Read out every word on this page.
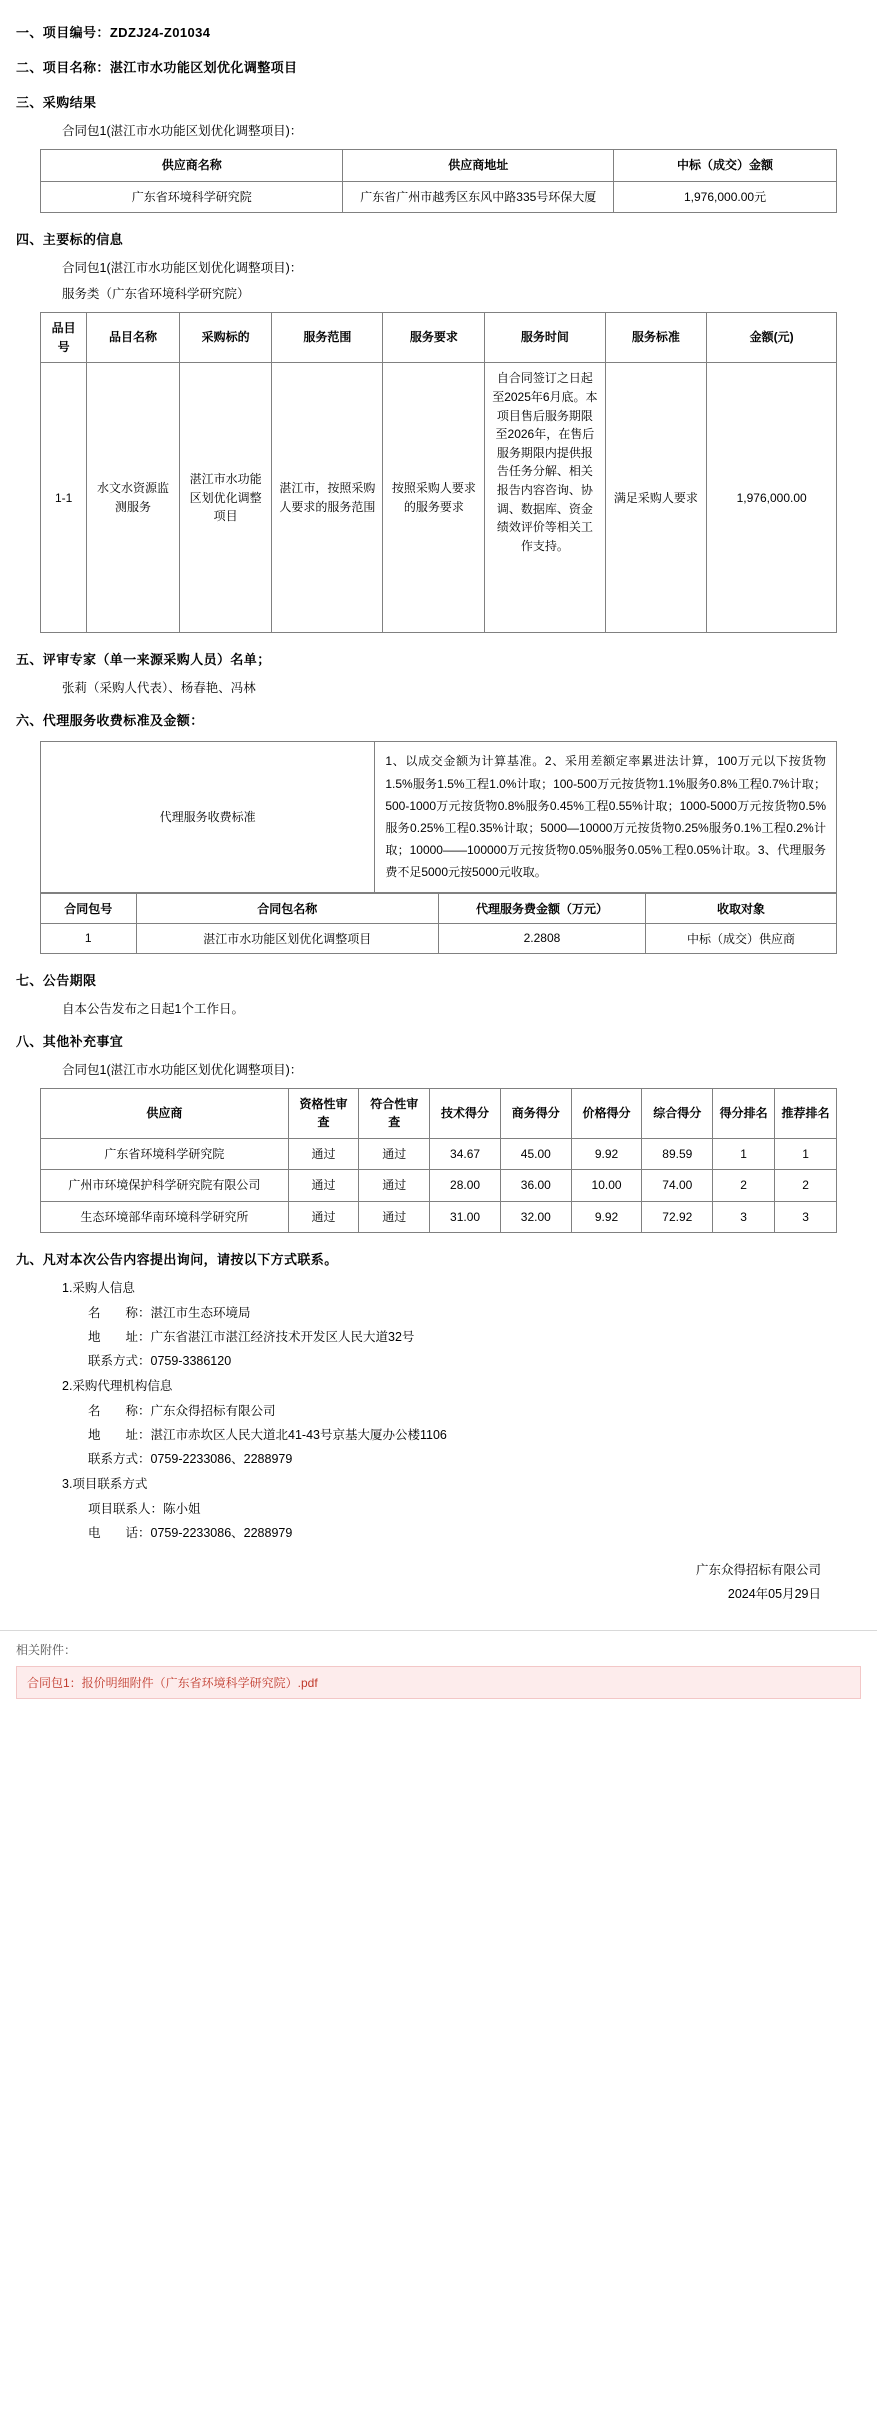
一、项目编号：ZDZJ24-Z01034
二、项目名称：湛江市水功能区划优化调整项目
三、采购结果
合同包1(湛江市水功能区划优化调整项目)：
供应商名称	供应商地址	中标（成交）金额
广东省环境科学研究院	广东省广州市越秀区东风中路335号环保大厦	1,976,000.00元
四、主要标的信息
合同包1(湛江市水功能区划优化调整项目)：
服务类（广东省环境科学研究院）
品目号	品目名称	采购标的	服务范围	服务要求	服务时间	服务标准	金额(元)
1-1	水文水资源监测服务	湛江市水功能区划优化调整项目	湛江市，按照采购人要求的服务范围	按照采购人要求的服务要求	自合同签订之日起至2025年6月底。本项目售后服务期限至2026年，在售后服务期限内提供报告任务分解、相关报告内容咨询、协调、数据库、资金绩效评价等相关工作支持。	满足采购人要求	1,976,000.00
五、评审专家（单一来源采购人员）名单；
张莉（采购人代表）、杨春艳、冯林
六、代理服务收费标准及金额：
代理服务收费标准	1、以成交金额为计算基准。2、采用差额定率累进法计算，100万元以下按货物1.5%服务1.5%工程1.0%计取；100-500万元按货物1.1%服务0.8%工程0.7%计取；500-1000万元按货物0.8%服务0.45%工程0.55%计取；1000-5000万元按货物0.5%服务0.25%工程0.35%计取；5000—10000万元按货物0.25%服务0.1%工程0.2%计取；10000——100000万元按货物0.05%服务0.05%工程0.05%计取。3、代理服务费不足5000元按5000元收取。
合同包号	合同包名称	代理服务费金额（万元）	收取对象
1	湛江市水功能区划优化调整项目	2.2808	中标（成交）供应商
七、公告期限
自本公告发布之日起1个工作日。
八、其他补充事宜
合同包1(湛江市水功能区划优化调整项目)：
供应商	资格性审查	符合性审查	技术得分	商务得分	价格得分	综合得分	得分排名	推荐排名
广东省环境科学研究院	通过	通过	34.67	45.00	9.92	89.59	1	1
广州市环境保护科学研究院有限公司	通过	通过	28.00	36.00	10.00	74.00	2	2
生态环境部华南环境科学研究所	通过	通过	31.00	32.00	9.92	72.92	3	3
九、凡对本次公告内容提出询问，请按以下方式联系。
1.采购人信息
名　　称：湛江市生态环境局
地　　址：广东省湛江市湛江经济技术开发区人民大道32号
联系方式：0759-3386120
2.采购代理机构信息
名　　称：广东众得招标有限公司
地　　址：湛江市赤坎区人民大道北41-43号京基大厦办公楼1106
联系方式：0759-2233086、2288979
3.项目联系方式
项目联系人：陈小姐
电　　话：0759-2233086、2288979
广东众得招标有限公司
2024年05月29日
相关附件：
合同包1：报价明细附件（广东省环境科学研究院）.pdf
